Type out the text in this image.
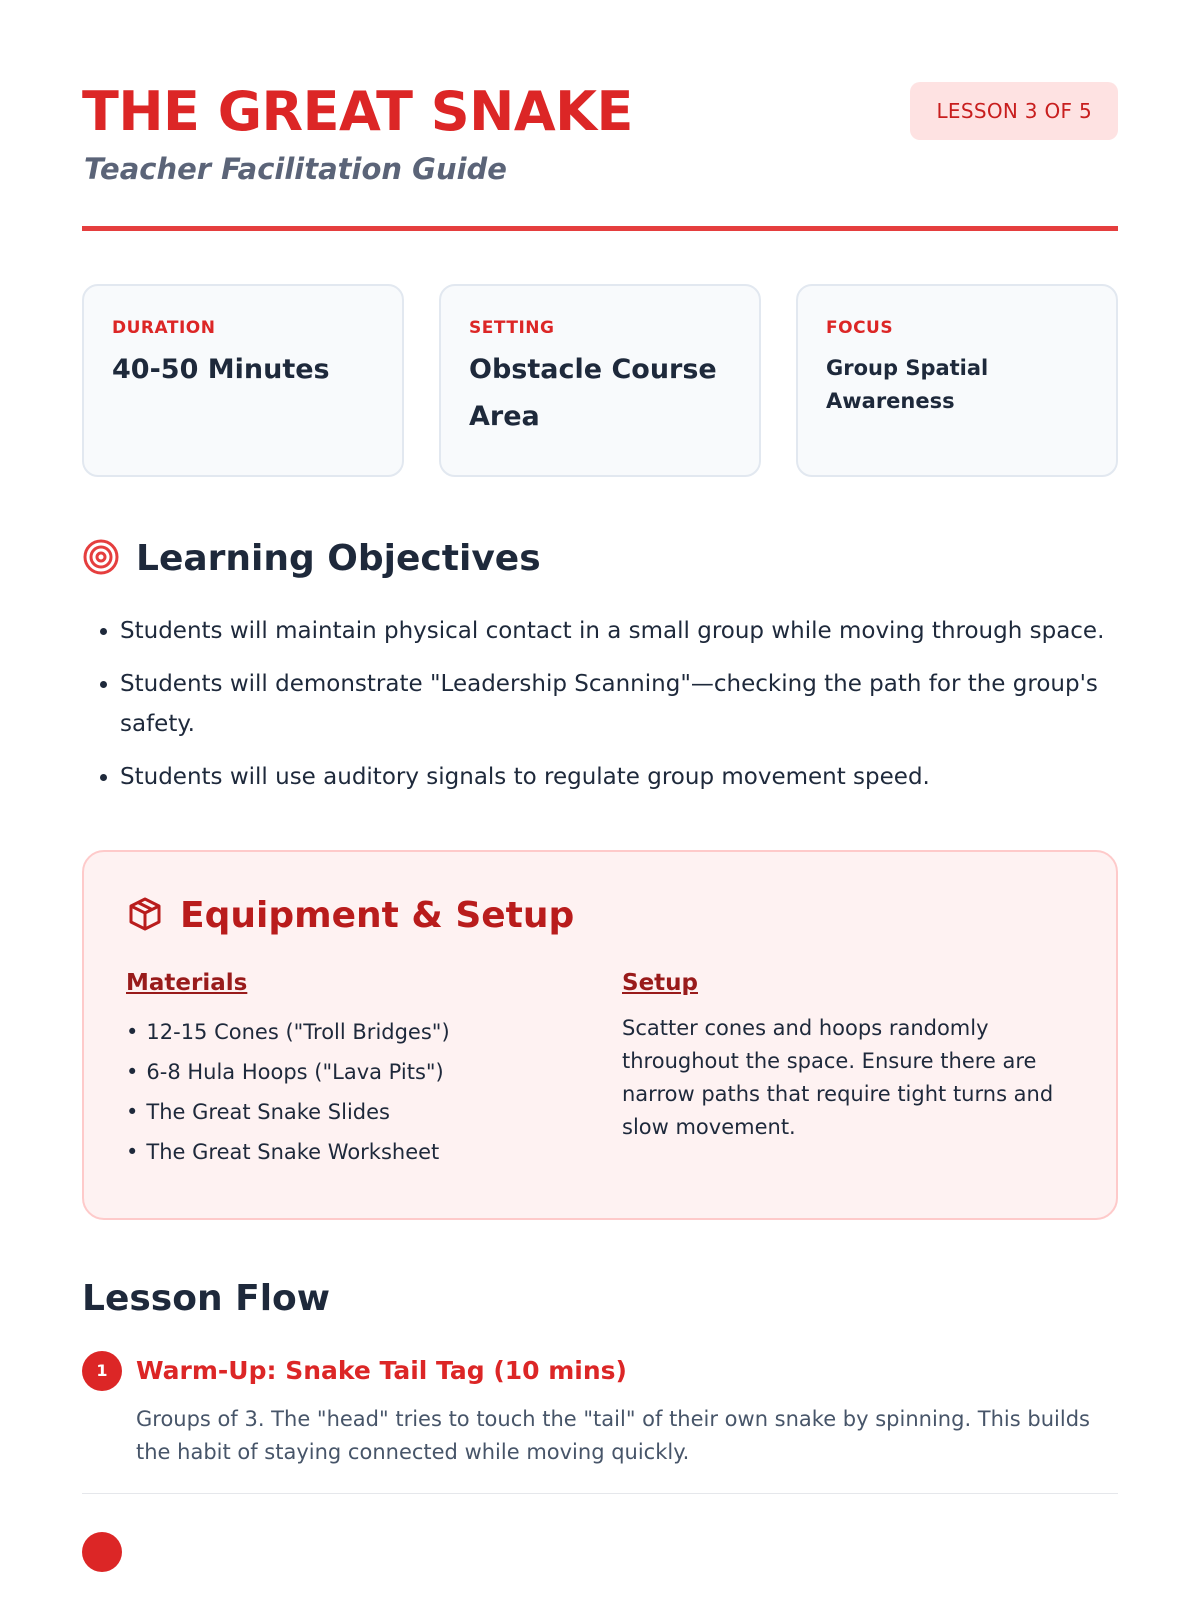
THE GREAT SNAKE
Teacher Facilitation Guide
LESSON 3 OF 5
DURATION
40-50 Minutes
SETTING
Obstacle Course Area
FOCUS
Group Spatial Awareness
Learning Objectives
• Students will maintain physical contact in a small group while moving through space.
• Students will demonstrate "Leadership Scanning"—checking the path for the group's safety.
• Students will use auditory signals to regulate group movement speed.
Equipment & Setup
Materials
• 12-15 Cones ("Troll Bridges")
• 6-8 Hula Hoops ("Lava Pits")
• The Great Snake Slides
• The Great Snake Worksheet
Setup

Scatter cones and hoops randomly throughout the space. Ensure there are narrow paths that require tight turns and slow movement.

Lesson Flow
1	Warm-Up: Snake Tail Tag (10 mins)

Groups of 3. The "head" tries to touch the "tail" of their own snake by spinning. This builds the habit of staying connected while moving quickly.
